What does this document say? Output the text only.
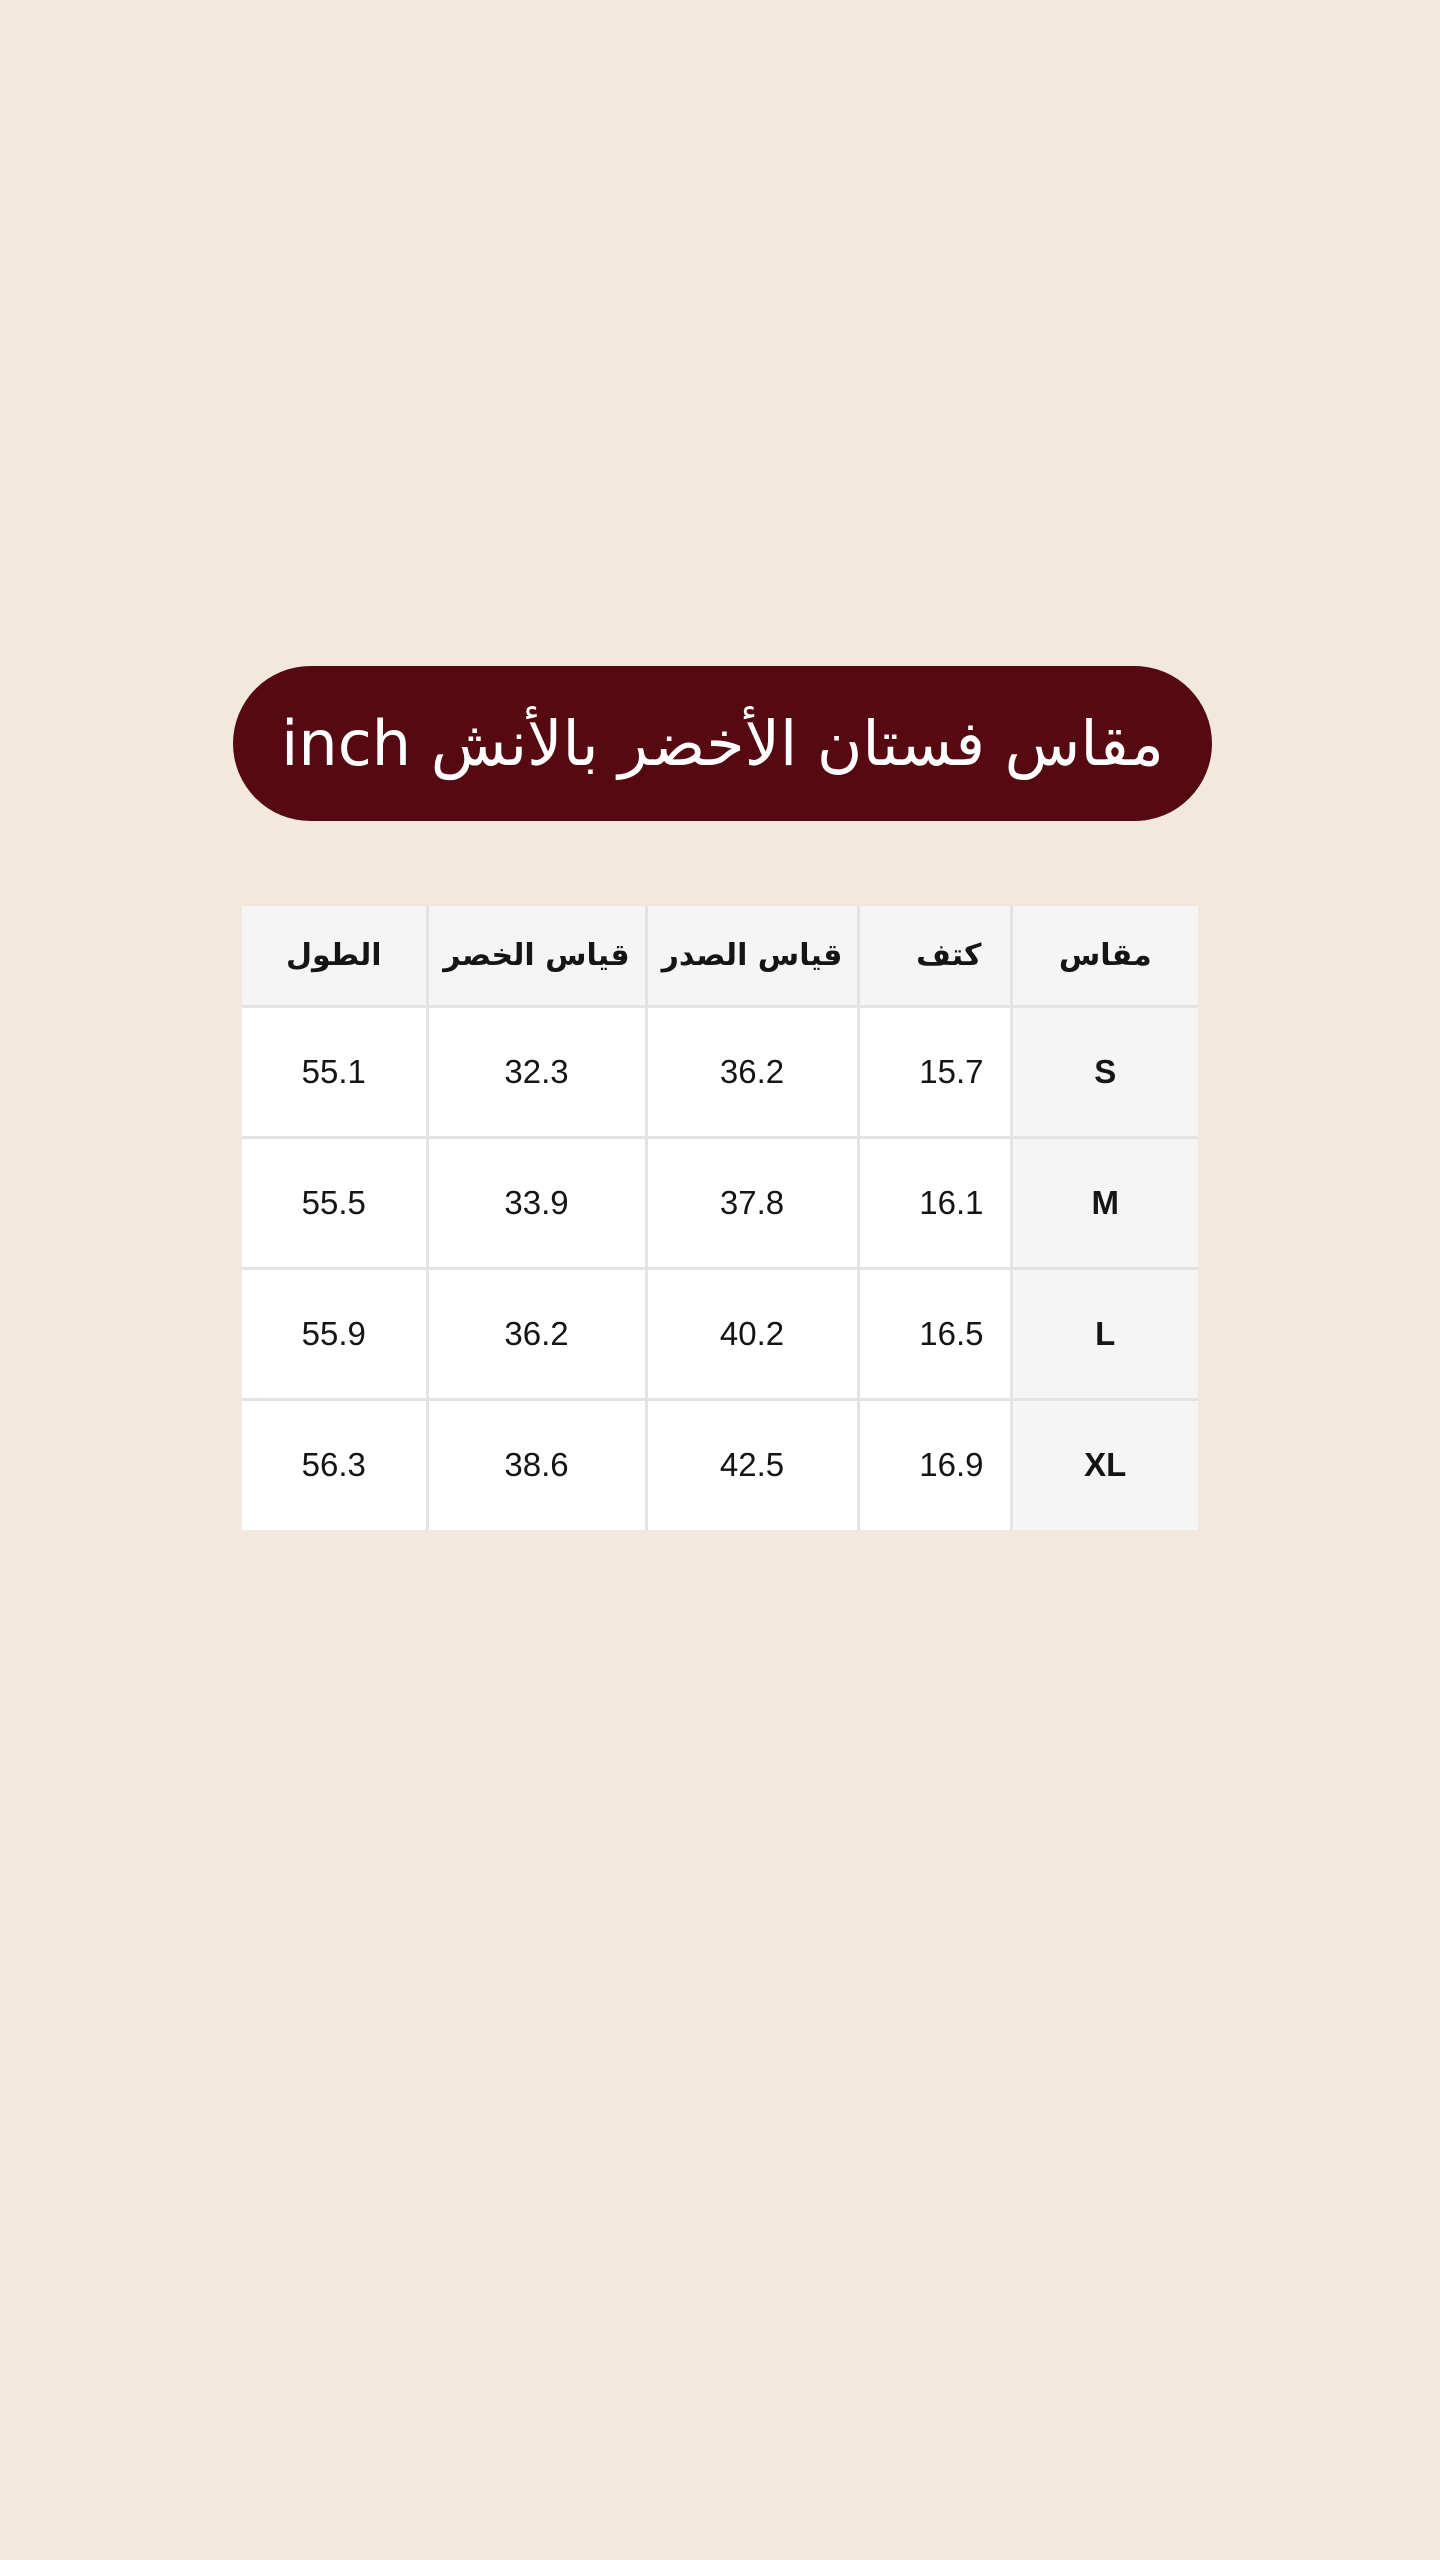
مقاس فستان الأخضر بالأنش inch
مقاس	كتف	قياس الصدر	قياس الخصر	الطول
S	15.7	36.2	32.3	55.1
M	16.1	37.8	33.9	55.5
L	16.5	40.2	36.2	55.9
XL	16.9	42.5	38.6	56.3
